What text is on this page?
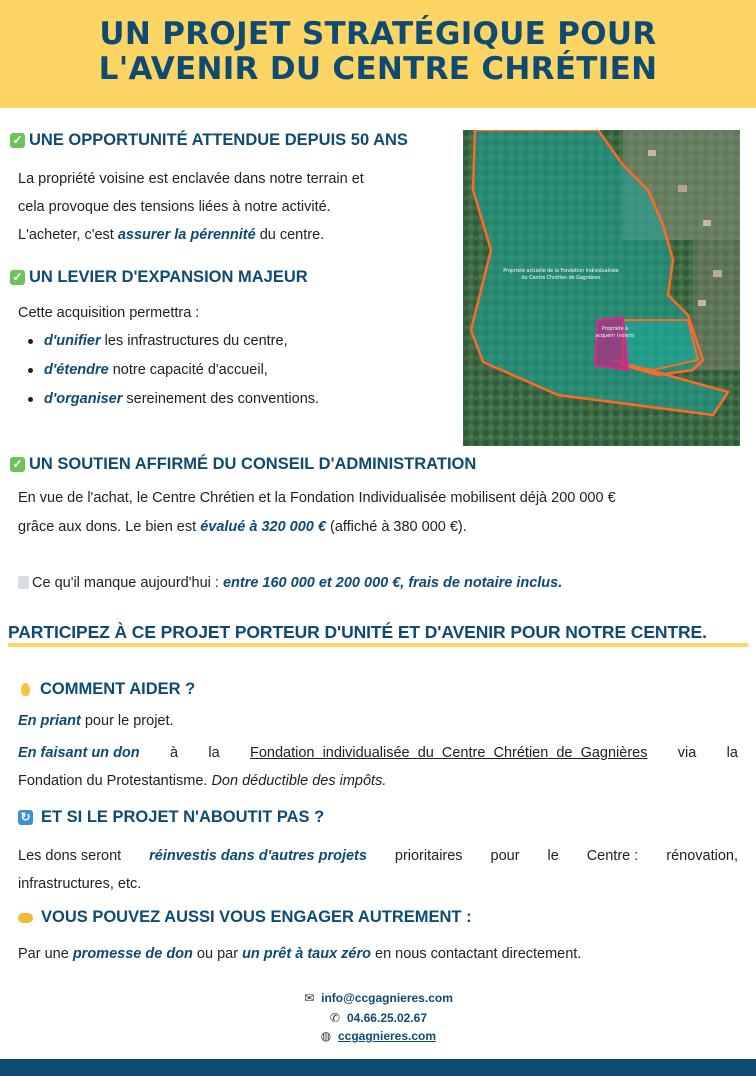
UN PROJET STRATÉGIQUE POUR
L'AVENIR DU CENTRE CHRÉTIEN
✓ UNE OPPORTUNITÉ ATTENDUE DEPUIS 50 ANS
La propriété voisine est enclavée dans notre terrain et
cela provoque des tensions liées à notre activité.
L'acheter, c'est assurer la pérennité du centre.
✓ UN LEVIER D'EXPANSION MAJEUR
Cette acquisition permettra :
d'unifier les infrastructures du centre,
d'étendre notre capacité d'accueil,
d'organiser sereinement des conventions.
Propriété actuelle de la Fondation individualisée
du Centre Chrétien de Gagnières
Propriété à
acquérir (voisin)
✓ UN SOUTIEN AFFIRMÉ DU CONSEIL D'ADMINISTRATION
En vue de l'achat, le Centre Chrétien et la Fondation Individualisée mobilisent déjà 200 000 €
grâce aux dons. Le bien est évalué à 320 000 € (affiché à 380 000 €).
Ce qu'il manque aujourd'hui : entre 160 000 et 200 000 €, frais de notaire inclus.
PARTICIPEZ À CE PROJET PORTEUR D'UNITÉ ET D'AVENIR POUR NOTRE CENTRE.
COMMENT AIDER ?
En priant pour le projet.
En faisant un don à la Fondation individualisée du Centre Chrétien de Gagnières via la
Fondation du Protestantisme. Don déductible des impôts.
↻ ET SI LE PROJET N'ABOUTIT PAS ?
Les dons seront réinvestis dans d'autres projets prioritaires pour le Centre : rénovation,
infrastructures, etc.
VOUS POUVEZ AUSSI VOUS ENGAGER AUTREMENT :
Par une promesse de don ou par un prêt à taux zéro en nous contactant directement.
✉ info@ccgagnieres.com
✆ 04.66.25.02.67
◍ ccgagnieres.com
